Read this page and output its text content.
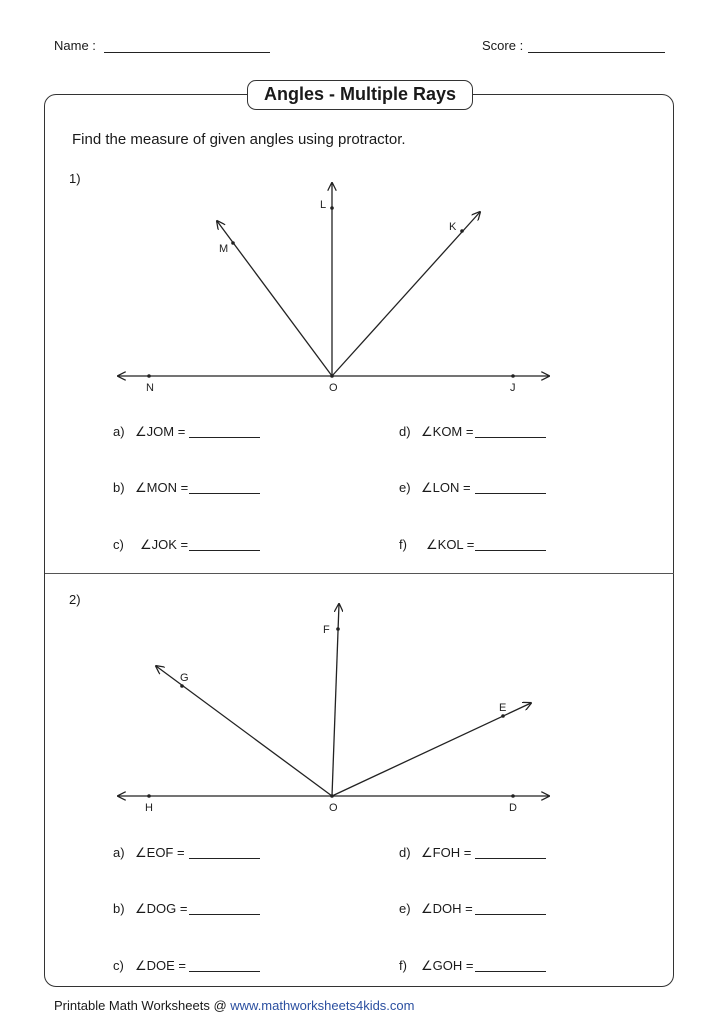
Name :	Score :
Angles - Multiple Rays
Find the measure of given angles using protractor.
1)
2)
N	O	J
M
L
K
H	O	D
G
F
E
a) ∠JOM =
b) ∠MON =
c) ∠JOK =
d) ∠KOM =
e) ∠LON =
f) ∠KOL =
a) ∠EOF =
b) ∠DOG =
c) ∠DOE =
d) ∠FOH =
e) ∠DOH =
f) ∠GOH =
Printable Math Worksheets @ www.mathworksheets4kids.com
